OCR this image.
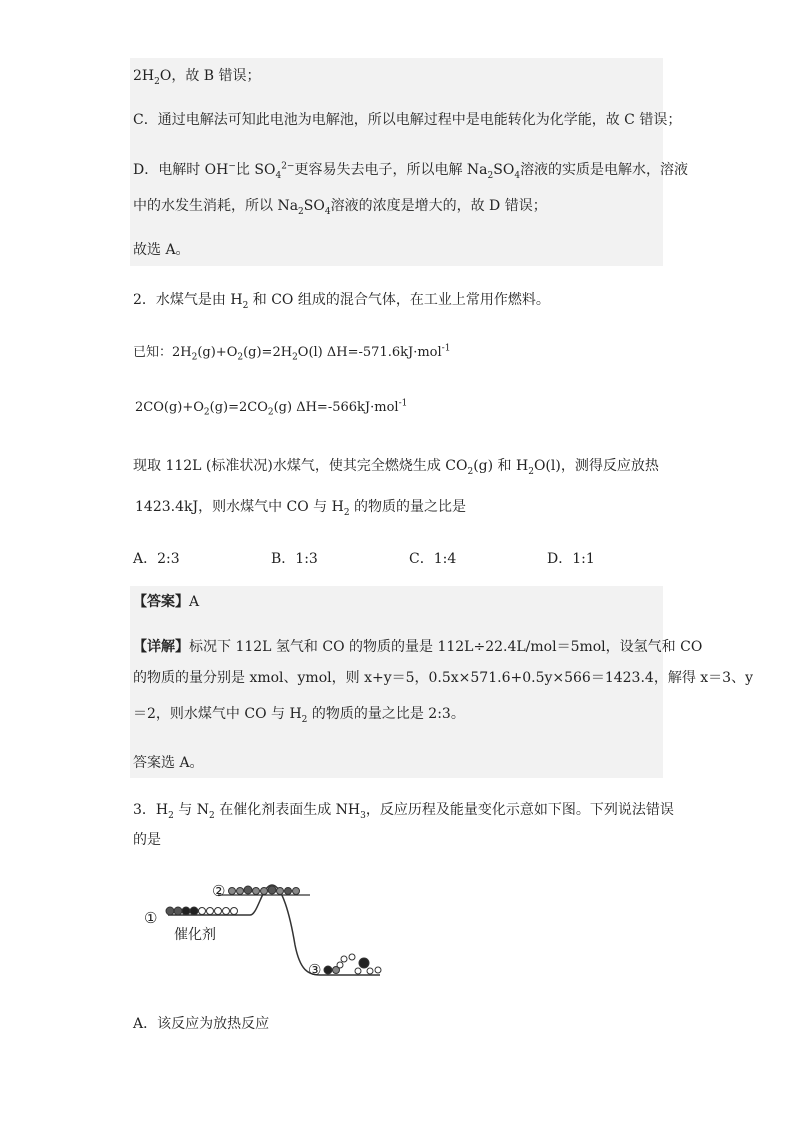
$2H_2O$，故 B 错误；
C．通过电解法可知此电池为电解池，所以电解过程中是电能转化为化学能，故 C 错误；
D．电解时 OH−比 $SO_4^{2-}$更容易失去电子，所以电解 $Na_2SO_4$溶液的实质是电解水，溶液
中的水发生消耗，所以 $Na_2SO_4$溶液的浓度是增大的，故 D 错误；
故选 A。
2．水煤气是由 $H_2$ 和 CO 组成的混合气体，在工业上常用作燃料。
已知：$2H_2(g)+O_2(g)=2H_2O(l)$ ΔH=-571.6kJ·mol$^{-1}$
$2CO(g)+O_2(g)=2CO_2(g)$ ΔH=-566kJ·mol$^{-1}$
现取 112L (标准状况)水煤气，使其完全燃烧生成 $CO_2(g)$ 和 $H_2O(l)$，测得反应放热
1423.4kJ，则水煤气中 CO 与 $H_2$ 的物质的量之比是
A．2:3	B．1:3	C．1:4	D．1:1
【答案】A
【详解】标况下 112L 氢气和 CO 的物质的量是 112L÷22.4L/mol＝5mol，设氢气和 CO
的物质的量分别是 xmol、ymol，则 x+y＝5，0.5x×571.6+0.5y×566＝1423.4，解得 x＝3、y
＝2，则水煤气中 CO 与 $H_2$ 的物质的量之比是 2:3。
答案选 A。
3．$H_2$ 与 $N_2$ 在催化剂表面生成 $NH_3$，反应历程及能量变化示意如下图。下列说法错误
的是
①
②
③
催化剂
A．该反应为放热反应
